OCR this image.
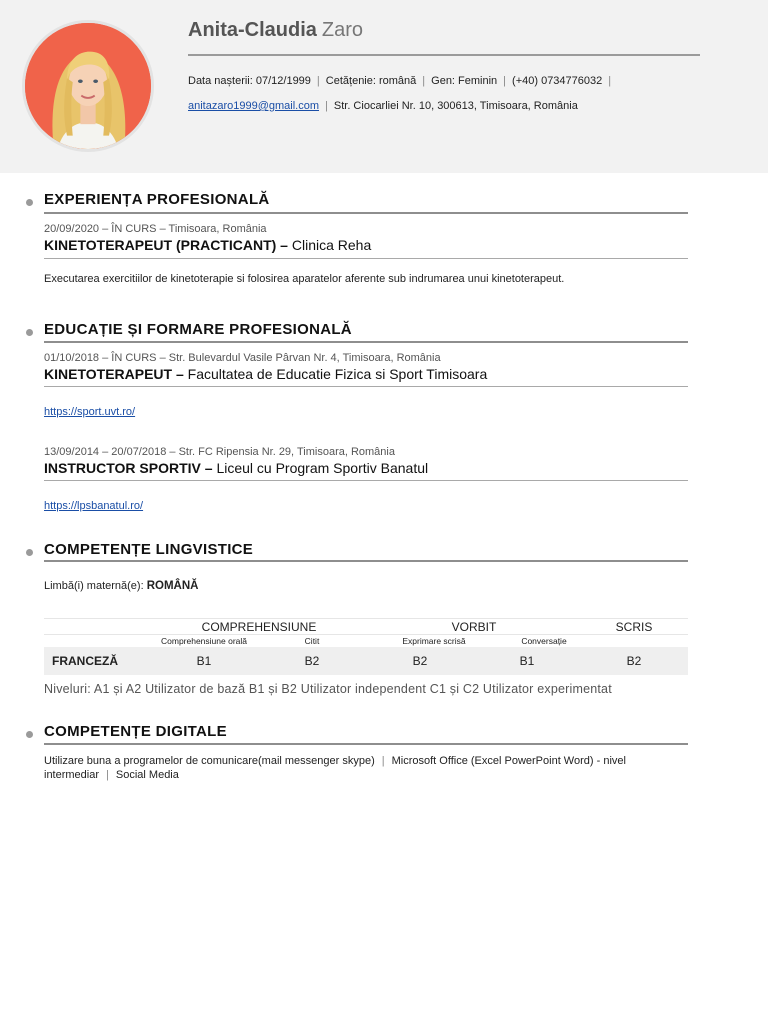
Anita-Claudia Zaro
Data nașterii: 07/12/1999 | Cetățenie: română | Gen: Feminin | (+40) 0734776032 |
anitazaro1999@gmail.com | Str. Ciocarliei Nr. 10, 300613, Timisoara, România
EXPERIENȚA PROFESIONALĂ
20/09/2020 – ÎN CURS – Timisoara, România
KINETOTERAPEUT (PRACTICANT) – Clinica Reha
Executarea exercitiilor de kinetoterapie si folosirea aparatelor aferente sub indrumarea unui kinetoterapeut.
EDUCAȚIE ȘI FORMARE PROFESIONALĂ
01/10/2018 – ÎN CURS – Str. Bulevardul Vasile Pârvan Nr. 4, Timisoara, România
KINETOTERAPEUT – Facultatea de Educatie Fizica si Sport Timisoara
https://sport.uvt.ro/
13/09/2014 – 20/07/2018 – Str. FC Ripensia Nr. 29, Timisoara, România
INSTRUCTOR SPORTIV – Liceul cu Program Sportiv Banatul
https://lpsbanatul.ro/
COMPETENȚE LINGVISTICE
Limbă(i) maternă(e): ROMÂNĂ
COMPREHENSIUNE	VORBIT	SCRIS
Comprehensiune orală	Citit	Exprimare scrisă	Conversație
FRANCEZĂ	B1	B2	B2	B1	B2
Niveluri: A1 și A2 Utilizator de bază B1 și B2 Utilizator independent C1 și C2 Utilizator experimentat
COMPETENȚE DIGITALE
Utilizare buna a programelor de comunicare(mail messenger skype) | Microsoft Office (Excel PowerPoint Word) - nivel
intermediar | Social Media
